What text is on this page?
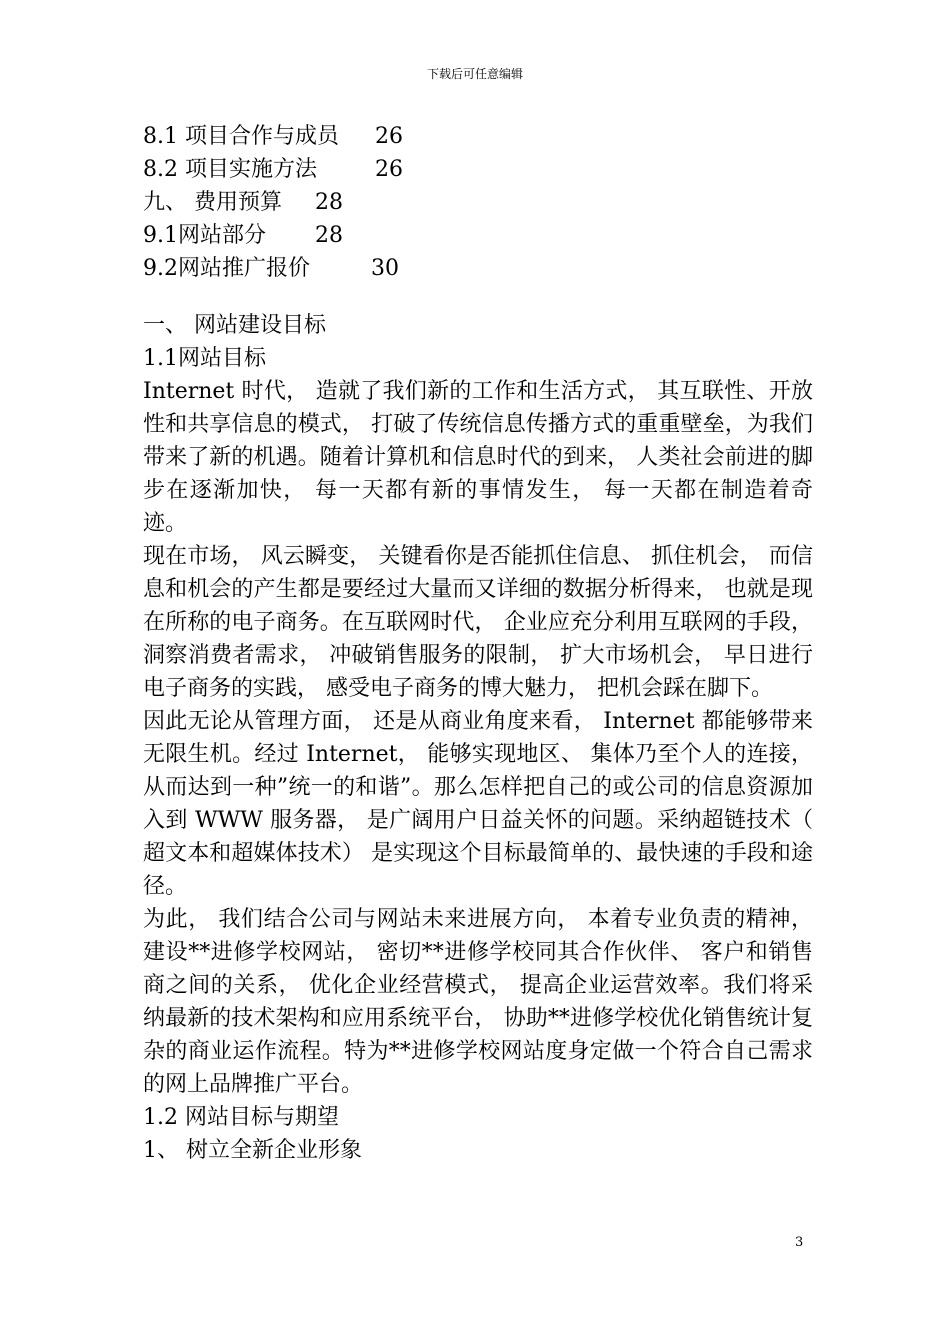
下载后可任意编辑
8.1 项目合作与成员 26
8.2 项目实施方法	26
九、 费用预算 28
9.1网站部分 28
9.2网站推广报价	30
一、 网站建设目标
1.1网站目标
Internet 时代， 造就了我们新的工作和生活方式， 其互联性、开放性和共享信息的模式， 打破了传统信息传播方式的重重壁垒，为我们带来了新的机遇。随着计算机和信息时代的到来， 人类社会前进的脚步在逐渐加快， 每一天都有新的事情发生， 每一天都在制造着奇迹。
现在市场， 风云瞬变， 关键看你是否能抓住信息、 抓住机会， 而信息和机会的产生都是要经过大量而又详细的数据分析得来， 也就是现在所称的电子商务。在互联网时代， 企业应充分利用互联网的手段， 洞察消费者需求， 冲破销售服务的限制， 扩大市场机会， 早日进行电子商务的实践， 感受电子商务的博大魅力， 把机会踩在脚下。
因此无论从管理方面， 还是从商业角度来看， Internet 都能够带来无限生机。经过 Internet， 能够实现地区、 集体乃至个人的连接， 从而达到一种”统一的和谐”。那么怎样把自己的或公司的信息资源加入到 WWW 服务器， 是广阔用户日益关怀的问题。采纳超链技术（ 超文本和超媒体技术） 是实现这个目标最简单的、最快速的手段和途径。
为此， 我们结合公司与网站未来进展方向， 本着专业负责的精神，建设**进修学校网站， 密切**进修学校同其合作伙伴、 客户和销售商之间的关系， 优化企业经营模式， 提高企业运营效率。我们将采纳最新的技术架构和应用系统平台， 协助**进修学校优化销售统计复杂的商业运作流程。特为**进修学校网站度身定做一个符合自己需求的网上品牌推广平台。
1.2 网站目标与期望
1、 树立全新企业形象
3
